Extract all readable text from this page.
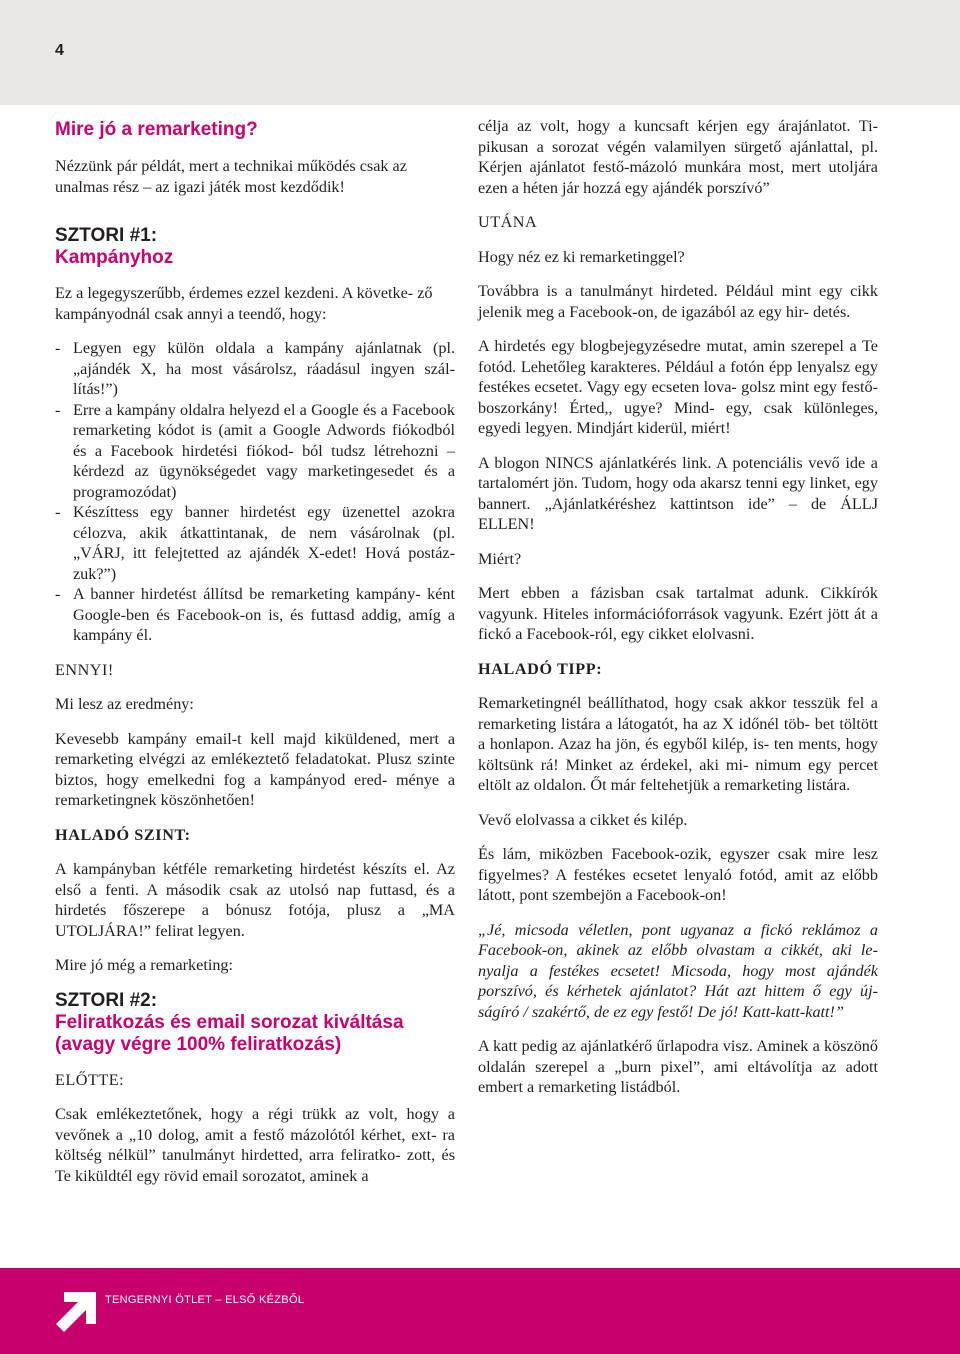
4

Mire jó a remarketing?

Nézzünk pár példát, mert a technikai működés csak az unalmas rész – az igazi játék most kezdődik!

SZTORI #1:

Kampányhoz

Ez a legegyszerűbb, érdemes ezzel kezdeni. A követke- ző kampányodnál csak annyi a teendő, hogy:

- Legyen egy külön oldala a kampány ajánlatnak (pl. „ajándék X, ha most vásárolsz, ráadásul ingyen szál- lítás!”)
- Erre a kampány oldalra helyezd el a Google és a Facebook remarketing kódot is (amit a Google Adwords fiókodból és a Facebook hirdetési fiókod- ból tudsz létrehozni – kérdezd az ügynökségedet vagy marketingesedet és a programozódat)
- Készíttess egy banner hirdetést egy üzenettel azokra célozva, akik átkattintanak, de nem vásárolnak (pl. „VÁRJ, itt felejtetted az ajándék X-edet! Hová postáz- zuk?”)
- A banner hirdetést állítsd be remarketing kampány- ként Google-ben és Facebook-on is, és futtasd addig, amíg a kampány él.

ENNYI!

Mi lesz az eredmény:

Kevesebb kampány email-t kell majd kiküldened, mert a remarketing elvégzi az emlékeztető feladatokat. Plusz szinte biztos, hogy emelkedni fog a kampányod ered- ménye a remarketingnek köszönhetően!

HALADÓ SZINT:

A kampányban kétféle remarketing hirdetést készíts el. Az első a fenti. A második csak az utolsó nap futtasd, és a hirdetés főszerepe a bónusz fotója, plusz a „MA UTOLJÁRA!” felirat legyen.

Mire jó még a remarketing:

SZTORI #2:

Feliratkozás és email sorozat kiváltása

(avagy végre 100% feliratkozás)

ELŐTTE:

Csak emlékeztetőnek, hogy a régi trükk az volt, hogy a vevőnek a „10 dolog, amit a festő mázolótól kérhet, ext- ra költség nélkül” tanulmányt hirdetted, arra feliratko- zott, és Te kiküldtél egy rövid email sorozatot, aminek a

célja az volt, hogy a kuncsaft kérjen egy árajánlatot. Ti- pikusan a sorozat végén valamilyen sürgető ajánlattal, pl. Kérjen ajánlatot festő-mázoló munkára most, mert utoljára ezen a héten jár hozzá egy ajándék porszívó”

UTÁNA

Hogy néz ez ki remarketinggel?

Továbbra is a tanulmányt hirdeted. Például mint egy cikk jelenik meg a Facebook-on, de igazából az egy hir- detés.

A hirdetés egy blogbejegyzésedre mutat, amin szerepel a Te fotód. Lehetőleg karakteres. Például a fotón épp lenyalsz egy festékes ecsetet. Vagy egy ecseten lova- golsz mint egy festő-boszorkány! Érted,, ugye? Mind- egy, csak különleges, egyedi legyen. Mindjárt kiderül, miért!

A blogon NINCS ajánlatkérés link. A potenciális vevő ide a tartalomért jön. Tudom, hogy oda akarsz tenni egy linket, egy bannert. „Ajánlatkéréshez kattintson ide” – de ÁLLJ ELLEN!

Miért?

Mert ebben a fázisban csak tartalmat adunk. Cikkírók vagyunk. Hiteles információforrások vagyunk. Ezért jött át a fickó a Facebook-ról, egy cikket elolvasni.

HALADÓ TIPP:

Remarketingnél beállíthatod, hogy csak akkor tesszük fel a remarketing listára a látogatót, ha az X időnél töb- bet töltött a honlapon. Azaz ha jön, és egyből kilép, is- ten ments, hogy költsünk rá! Minket az érdekel, aki mi- nimum egy percet eltölt az oldalon. Őt már feltehetjük a remarketing listára.

Vevő elolvassa a cikket és kilép.

És lám, miközben Facebook-ozik, egyszer csak mire lesz figyelmes? A festékes ecsetet lenyaló fotód, amit az előbb látott, pont szembejön a Facebook-on!

„Jé, micsoda véletlen, pont ugyanaz a fickó reklámoz a Facebook-on, akinek az előbb olvastam a cikkét, aki le- nyalja a festékes ecsetet! Micsoda, hogy most ajándék porszívó, és kérhetek ajánlatot? Hát azt hittem ő egy új- ságíró / szakértő, de ez egy festő! De jó! Katt-katt-katt!”

A katt pedig az ajánlatkérő űrlapodra visz. Aminek a köszönő oldalán szerepel a „burn pixel”, ami eltávolítja az adott embert a remarketing listádból.

TENGERNYI ÖTLET – ELSŐ KÉZBŐL
